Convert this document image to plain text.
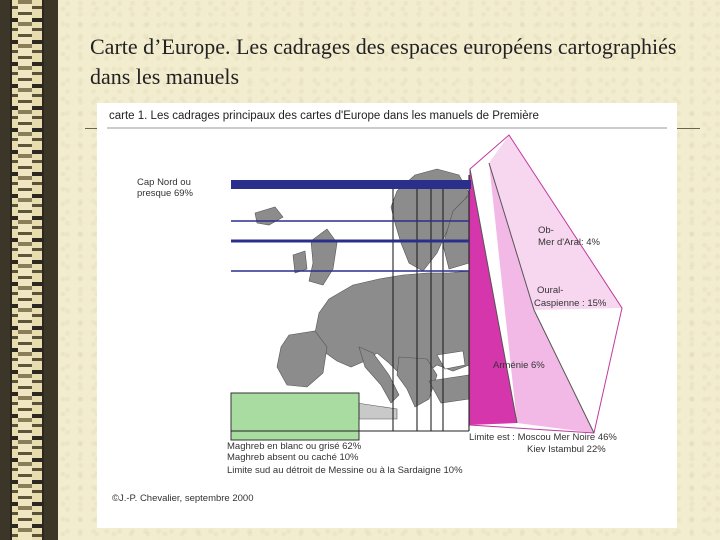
Carte d’Europe. Les cadrages des espaces européens cartographiés dans les manuels
carte 1. Les cadrages principaux des cartes d'Europe dans les manuels de Première
Cap Nord ou
presque 69%
Ob-
Mer d'Aral: 4%
Oural-
Caspienne : 15%
Arménie 6%
Maghreb en blanc ou grisé 62%
Maghreb absent ou caché 10%
Limite sud au détroit de Messine ou à la Sardaigne 10%
Limite est : Moscou Mer Noire 46%
Kiev Istambul 22%
©J.-P. Chevalier, septembre 2000
